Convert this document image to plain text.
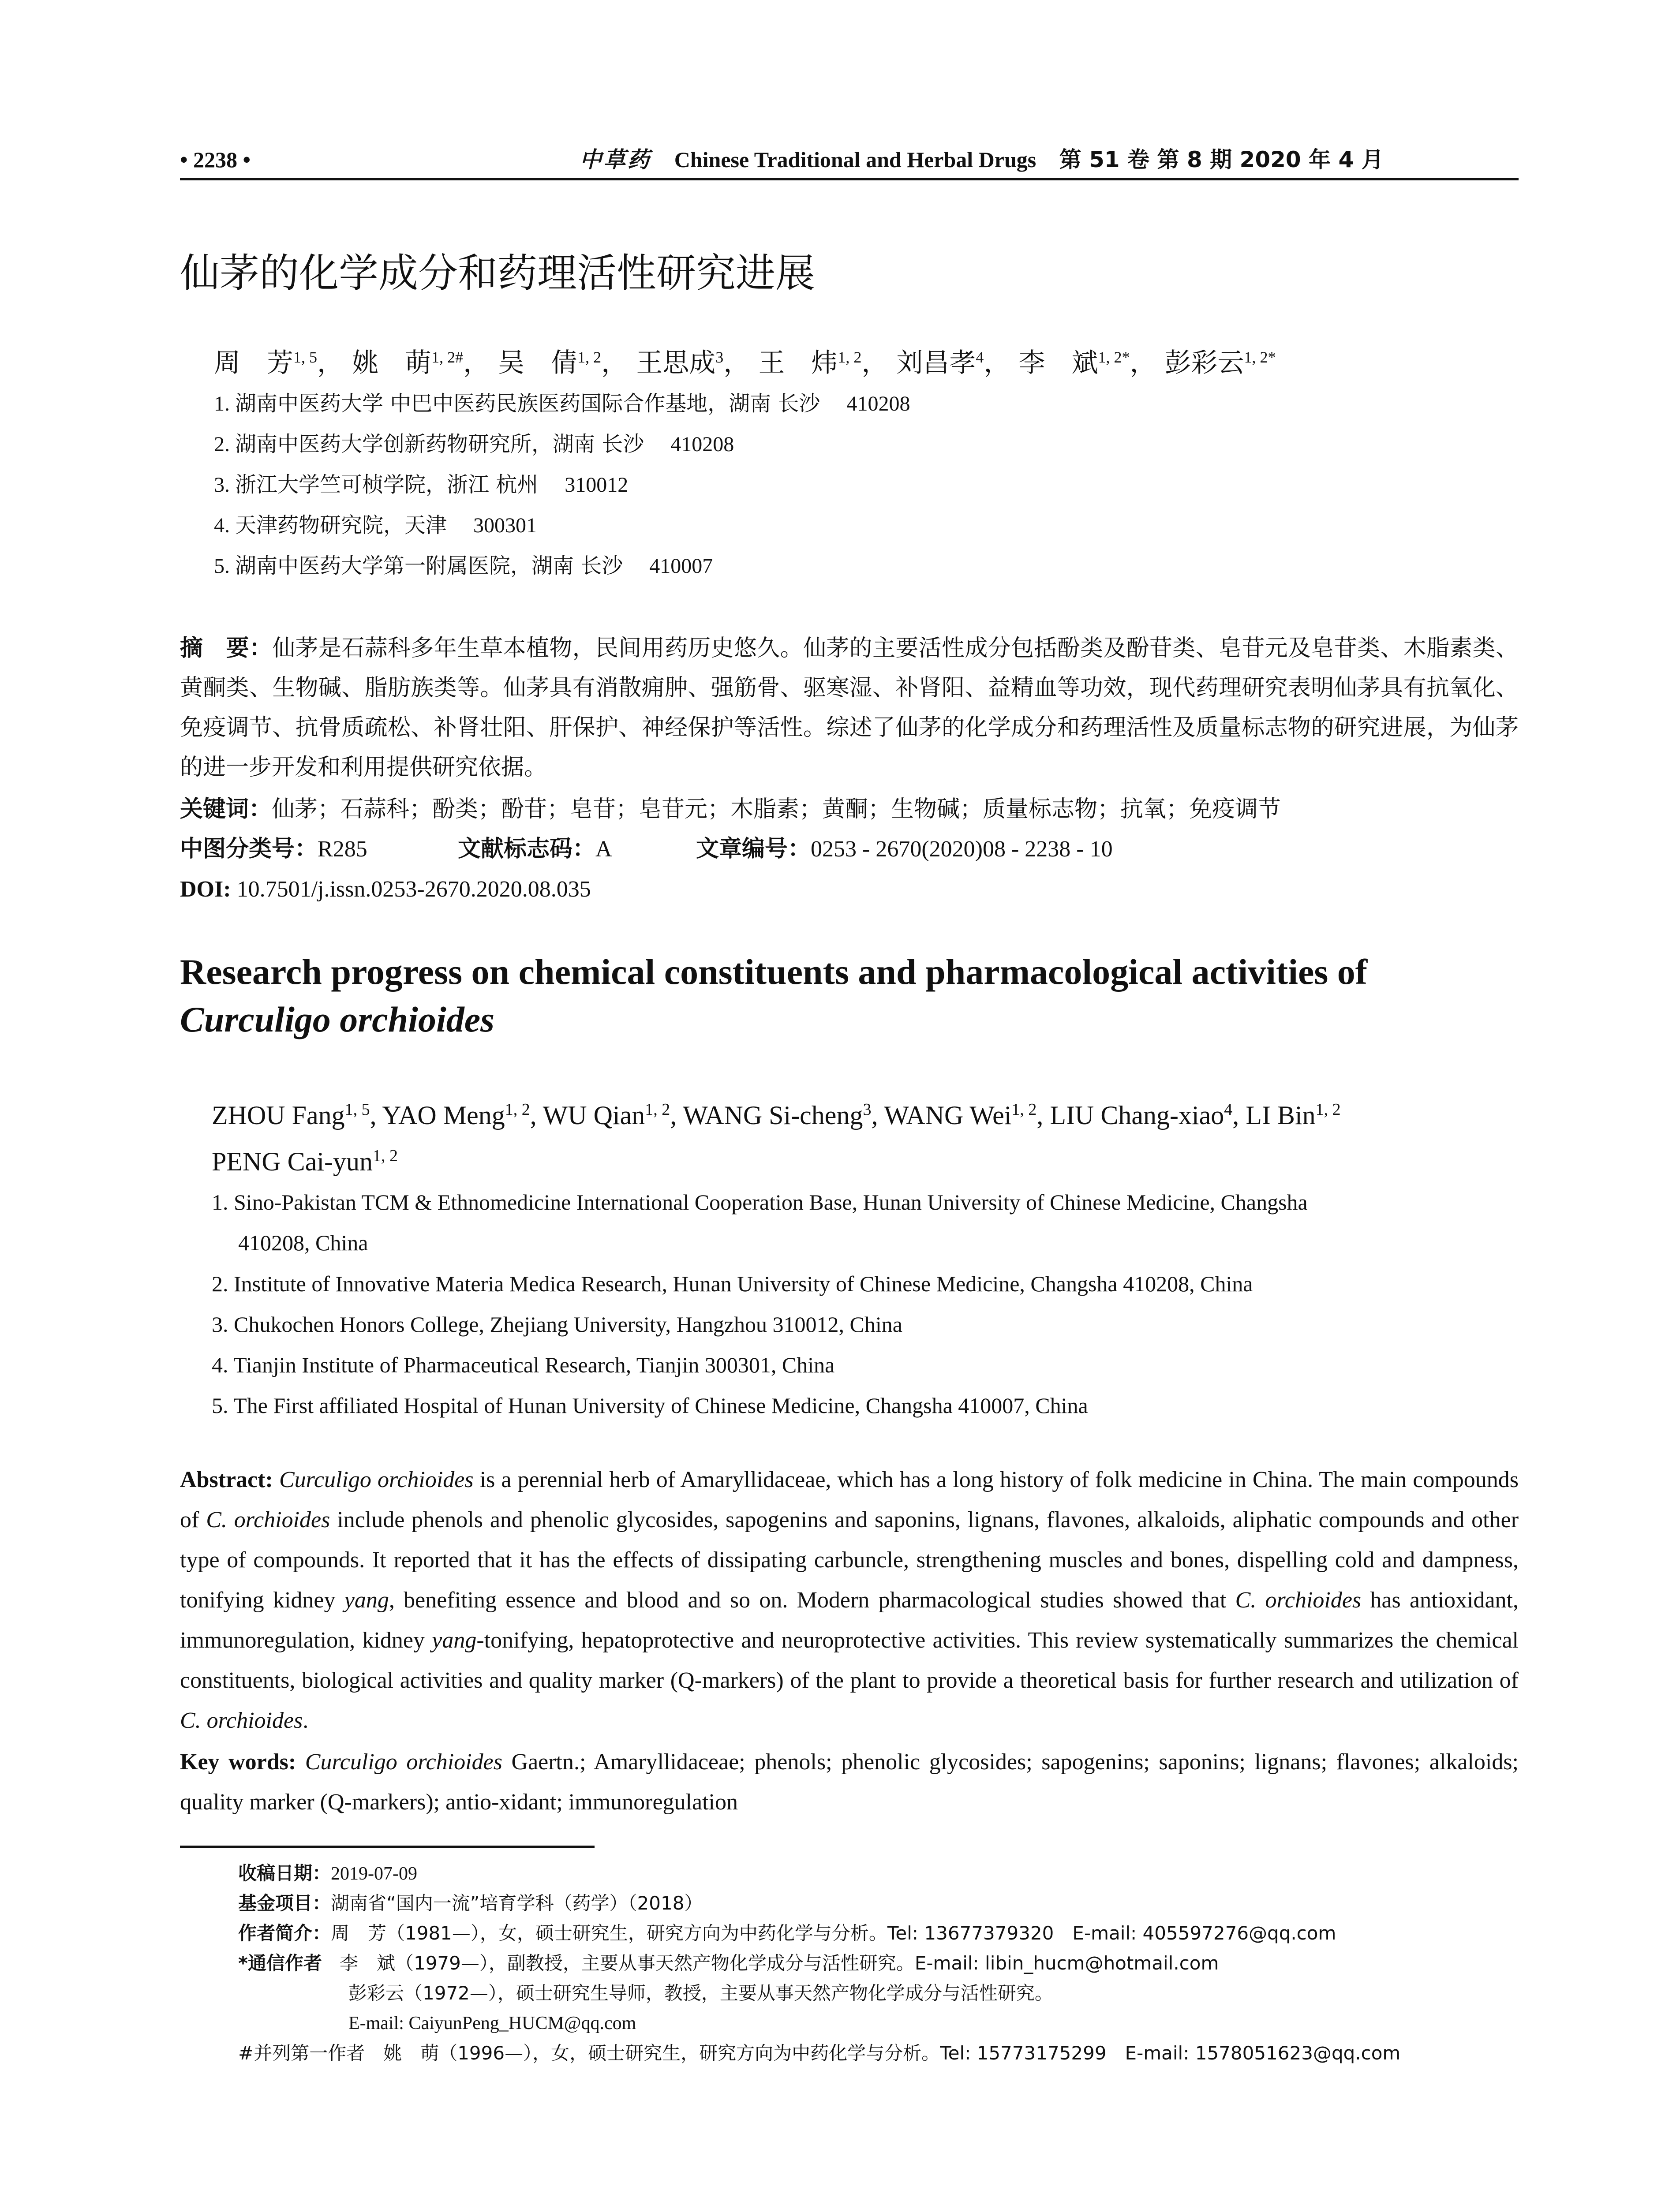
• 2238 •	中草药 Chinese Traditional and Herbal Drugs 第 51 卷 第 8 期 2020 年 4 月
仙茅的化学成分和药理活性研究进展
周　芳$^{1, 5}$， 姚　萌$^{1, 2\#}$， 吴　倩$^{1, 2}$， 王思成$^3$， 王　炜$^{1, 2}$， 刘昌孝$^4$， 李　斌$^{1, 2*}$， 彭彩云$^{1, 2*}$
1. 湖南中医药大学 中巴中医药民族医药国际合作基地，湖南 长沙 410208
2. 湖南中医药大学创新药物研究所，湖南 长沙 410208
3. 浙江大学竺可桢学院，浙江 杭州 310012
4. 天津药物研究院，天津 300301
5. 湖南中医药大学第一附属医院，湖南 长沙 410007
摘　要：仙茅是石蒜科多年生草本植物，民间用药历史悠久。仙茅的主要活性成分包括酚类及酚苷类、皂苷元及皂苷类、木脂素类、黄酮类、生物碱、脂肪族类等。仙茅具有消散痈肿、强筋骨、驱寒湿、补肾阳、益精血等功效，现代药理研究表明仙茅具有抗氧化、免疫调节、抗骨质疏松、补肾壮阳、肝保护、神经保护等活性。综述了仙茅的化学成分和药理活性及质量标志物的研究进展，为仙茅的进一步开发和利用提供研究依据。
关键词：仙茅；石蒜科；酚类；酚苷；皂苷；皂苷元；木脂素；黄酮；生物碱；质量标志物；抗氧；免疫调节
中图分类号：R285	文献标志码：A	文章编号：0253 - 2670(2020)08 - 2238 - 10
DOI: 10.7501/j.issn.0253-2670.2020.08.035
Research progress on chemical constituents and pharmacological activities of
Curculigo orchioides
ZHOU Fang$^{1, 5}$, YAO Meng$^{1, 2}$, WU Qian$^{1, 2}$, WANG Si-cheng$^3$, WANG Wei$^{1, 2}$, LIU Chang-xiao$^4$, LI Bin$^{1, 2}$
PENG Cai-yun$^{1, 2}$
1. Sino-Pakistan TCM & Ethnomedicine International Cooperation Base, Hunan University of Chinese Medicine, Changsha
410208, China
2. Institute of Innovative Materia Medica Research, Hunan University of Chinese Medicine, Changsha 410208, China
3. Chukochen Honors College, Zhejiang University, Hangzhou 310012, China
4. Tianjin Institute of Pharmaceutical Research, Tianjin 300301, China
5. The First affiliated Hospital of Hunan University of Chinese Medicine, Changsha 410007, China
Abstract: Curculigo orchioides is a perennial herb of Amaryllidaceae, which has a long history of folk medicine in China. The main compounds of C. orchioides include phenols and phenolic glycosides, sapogenins and saponins, lignans, flavones, alkaloids, aliphatic compounds and other type of compounds. It reported that it has the effects of dissipating carbuncle, strengthening muscles and bones, dispelling cold and dampness, tonifying kidney yang, benefiting essence and blood and so on. Modern pharmacological studies showed that C. orchioides has antioxidant, immunoregulation, kidney yang-tonifying, hepatoprotective and neuroprotective activities. This review systematically summarizes the chemical constituents, biological activities and quality marker (Q-markers) of the plant to provide a theoretical basis for further research and utilization of C. orchioides.
Key words: Curculigo orchioides Gaertn.; Amaryllidaceae; phenols; phenolic glycosides; sapogenins; saponins; lignans; flavones; alkaloids; quality marker (Q-markers); antio-xidant; immunoregulation
收稿日期：2019-07-09
基金项目：湖南省“国内一流”培育学科（药学）（2018）
作者简介：周　芳（1981—），女，硕士研究生，研究方向为中药化学与分析。Tel: 13677379320　E-mail: 405597276@qq.com
*通信作者 李　斌（1979—），副教授，主要从事天然产物化学成分与活性研究。E-mail: libin_hucm@hotmail.com
彭彩云（1972—），硕士研究生导师，教授，主要从事天然产物化学成分与活性研究。
E-mail: CaiyunPeng_HUCM@qq.com
#并列第一作者　姚　萌（1996—），女，硕士研究生，研究方向为中药化学与分析。Tel: 15773175299　E-mail: 1578051623@qq.com
